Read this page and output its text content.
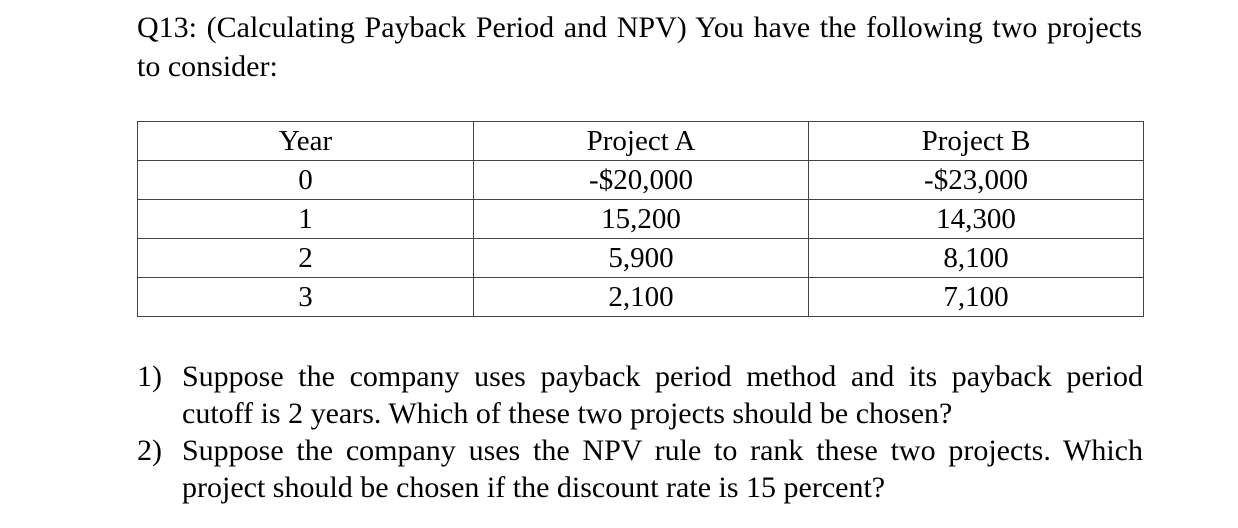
Q13: (Calculating Payback Period and NPV) You have the following two projects to consider:

Year	Project A	Project B
0	-$20,000	-$23,000
1	15,200	14,300
2	5,900	8,100
3	2,100	7,100
1) Suppose the company uses payback period method and its payback period cutoff is 2 years. Which of these two projects should be chosen?
2) Suppose the company uses the NPV rule to rank these two projects. Which project should be chosen if the discount rate is 15 percent?
